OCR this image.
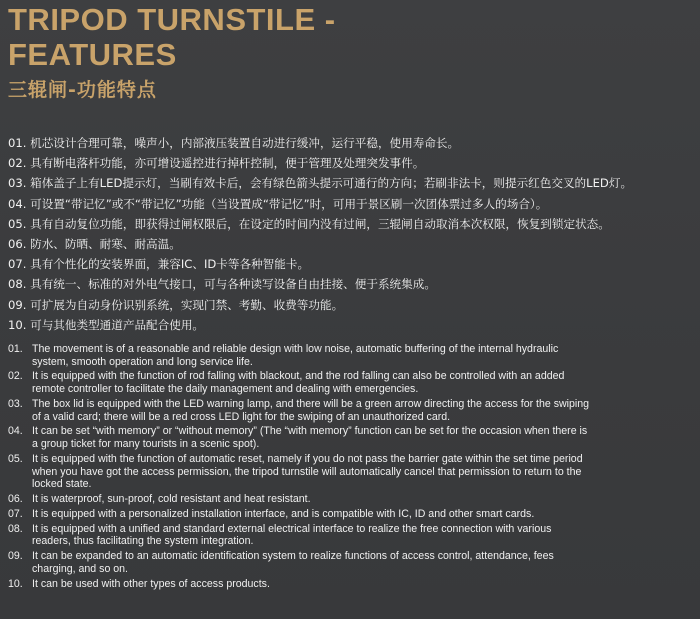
TRIPOD TURNSTILE -
FEATURES
三辊闸-功能特点
01. 机芯设计合理可靠，噪声小，内部液压装置自动进行缓冲，运行平稳，使用寿命长。
02. 具有断电落杆功能，亦可增设遥控进行掉杆控制，便于管理及处理突发事件。
03. 箱体盖子上有LED提示灯，当刷有效卡后，会有绿色箭头提示可通行的方向；若刷非法卡，则提示红色交叉的LED灯。
04. 可设置“带记忆”或不“带记忆”功能（当设置成“带记忆”时，可用于景区刷一次团体票过多人的场合）。
05. 具有自动复位功能，即获得过闸权限后，在设定的时间内没有过闸，三辊闸自动取消本次权限，恢复到锁定状态。
06. 防水、防晒、耐寒、耐高温。
07. 具有个性化的安装界面，兼容IC、ID卡等各种智能卡。
08. 具有统一、标准的对外电气接口，可与各种读写设备自由挂接、便于系统集成。
09. 可扩展为自动身份识别系统，实现门禁、考勤、收费等功能。
10. 可与其他类型通道产品配合使用。
01. The movement is of a reasonable and reliable design with low noise, automatic buffering of the internal hydraulic
system, smooth operation and long service life.
02. It is equipped with the function of rod falling with blackout, and the rod falling can also be controlled with an added
remote controller to facilitate the daily management and dealing with emergencies.
03. The box lid is equipped with the LED warning lamp, and there will be a green arrow directing the access for the swiping
of a valid card; there will be a red cross LED light for the swiping of an unauthorized card.
04. It can be set “with memory” or “without memory” (The “with memory” function can be set for the occasion when there is
a group ticket for many tourists in a scenic spot).
05. It is equipped with the function of automatic reset, namely if you do not pass the barrier gate within the set time period
when you have got the access permission, the tripod turnstile will automatically cancel that permission to return to the
locked state.
06. It is waterproof, sun-proof, cold resistant and heat resistant.
07. It is equipped with a personalized installation interface, and is compatible with IC, ID and other smart cards.
08. It is equipped with a unified and standard external electrical interface to realize the free connection with various
readers, thus facilitating the system integration.
09. It can be expanded to an automatic identification system to realize functions of access control, attendance, fees
charging, and so on.
10. It can be used with other types of access products.
